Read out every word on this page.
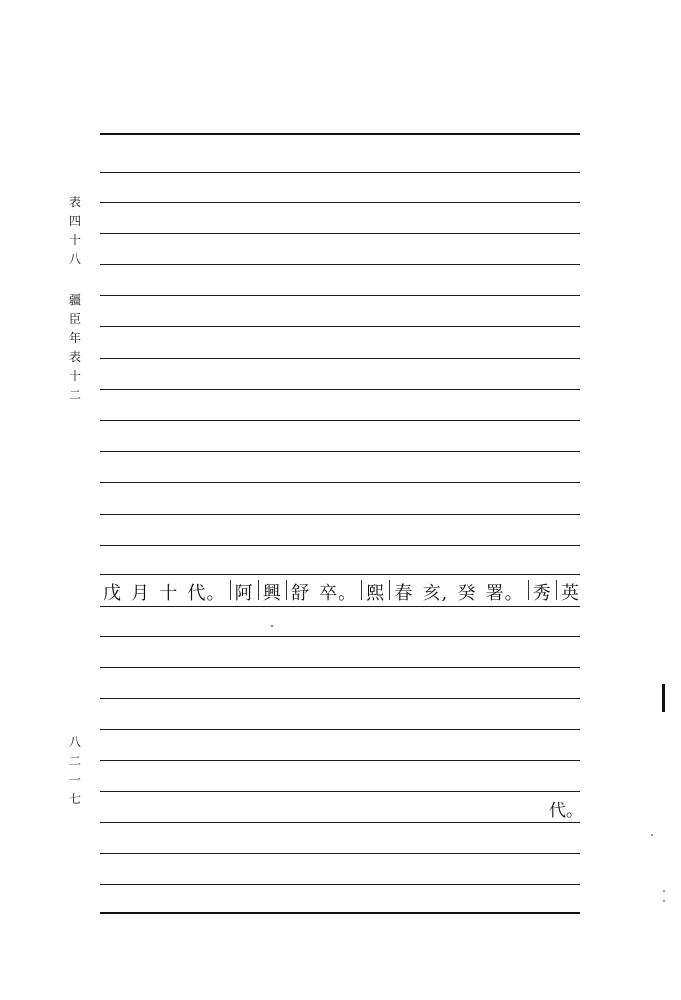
表
四
十
八
疆
臣
年
表
十
二
八
二
一
七
戊 月 十 代。 阿 興 舒 卒。 熙 春 亥, 癸 署。 秀 英
代。
